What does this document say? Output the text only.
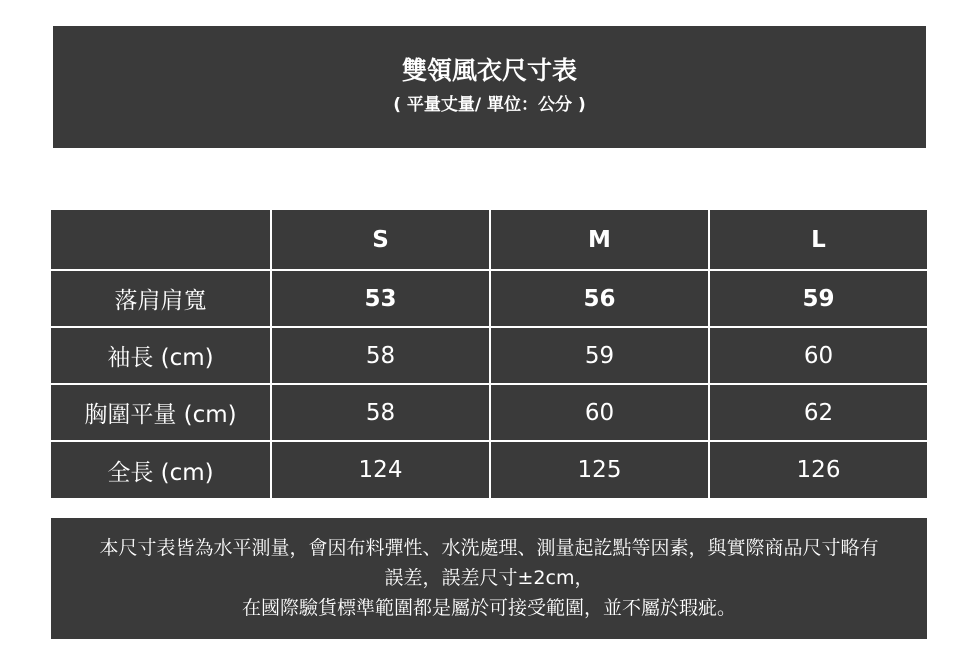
雙領風衣尺寸表
( 平量丈量/ 單位：公分 )
	S	M	L
落肩肩寬	53	56	59
袖長 (cm)	58	59	60
胸圍平量 (cm)	58	60	62
全長 (cm)	124	125	126
本尺寸表皆為水平測量，會因布料彈性、水洗處理、測量起訖點等因素，與實際商品尺寸略有
誤差，誤差尺寸±2cm，
在國際驗貨標準範圍都是屬於可接受範圍，並不屬於瑕疵。
